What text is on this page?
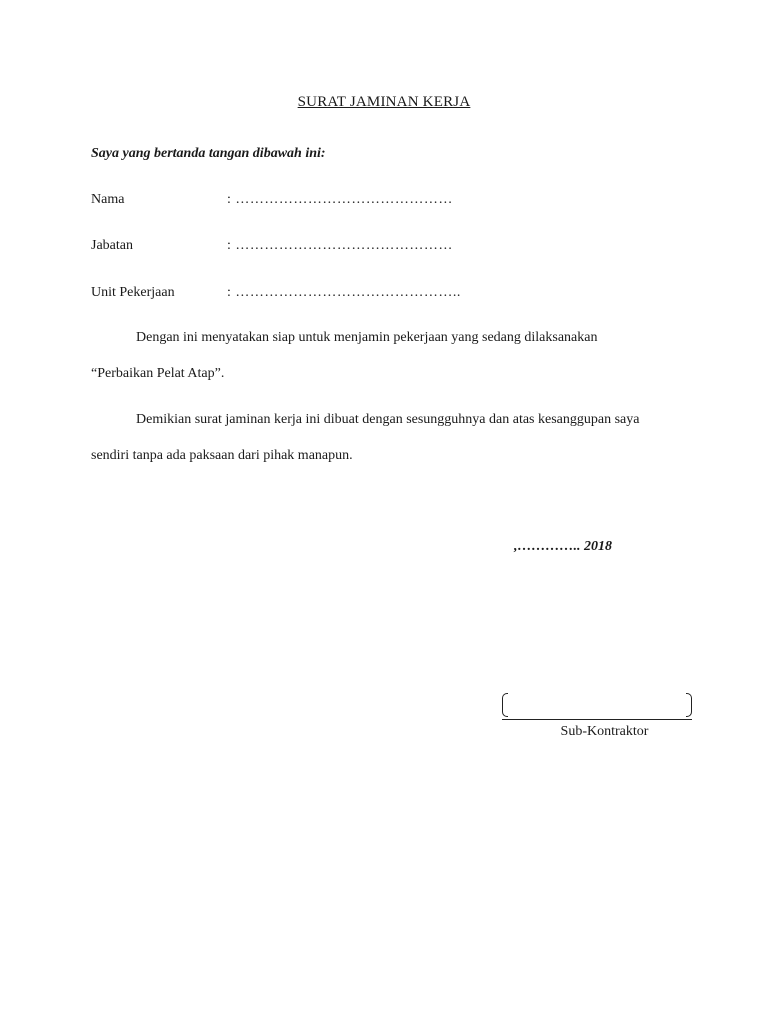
SURAT JAMINAN KERJA
Saya yang bertanda tangan dibawah ini:
Nama	: ………………………………………
Jabatan	: ………………………………………
Unit Pekerjaan	: ………………………………………..
Dengan ini menyatakan siap untuk menjamin pekerjaan yang sedang dilaksanakan
“Perbaikan Pelat Atap”.
Demikian surat jaminan kerja ini dibuat dengan sesungguhnya dan atas kesanggupan saya
sendiri tanpa ada paksaan dari pihak manapun.
,………….. 2018
Sub-Kontraktor
